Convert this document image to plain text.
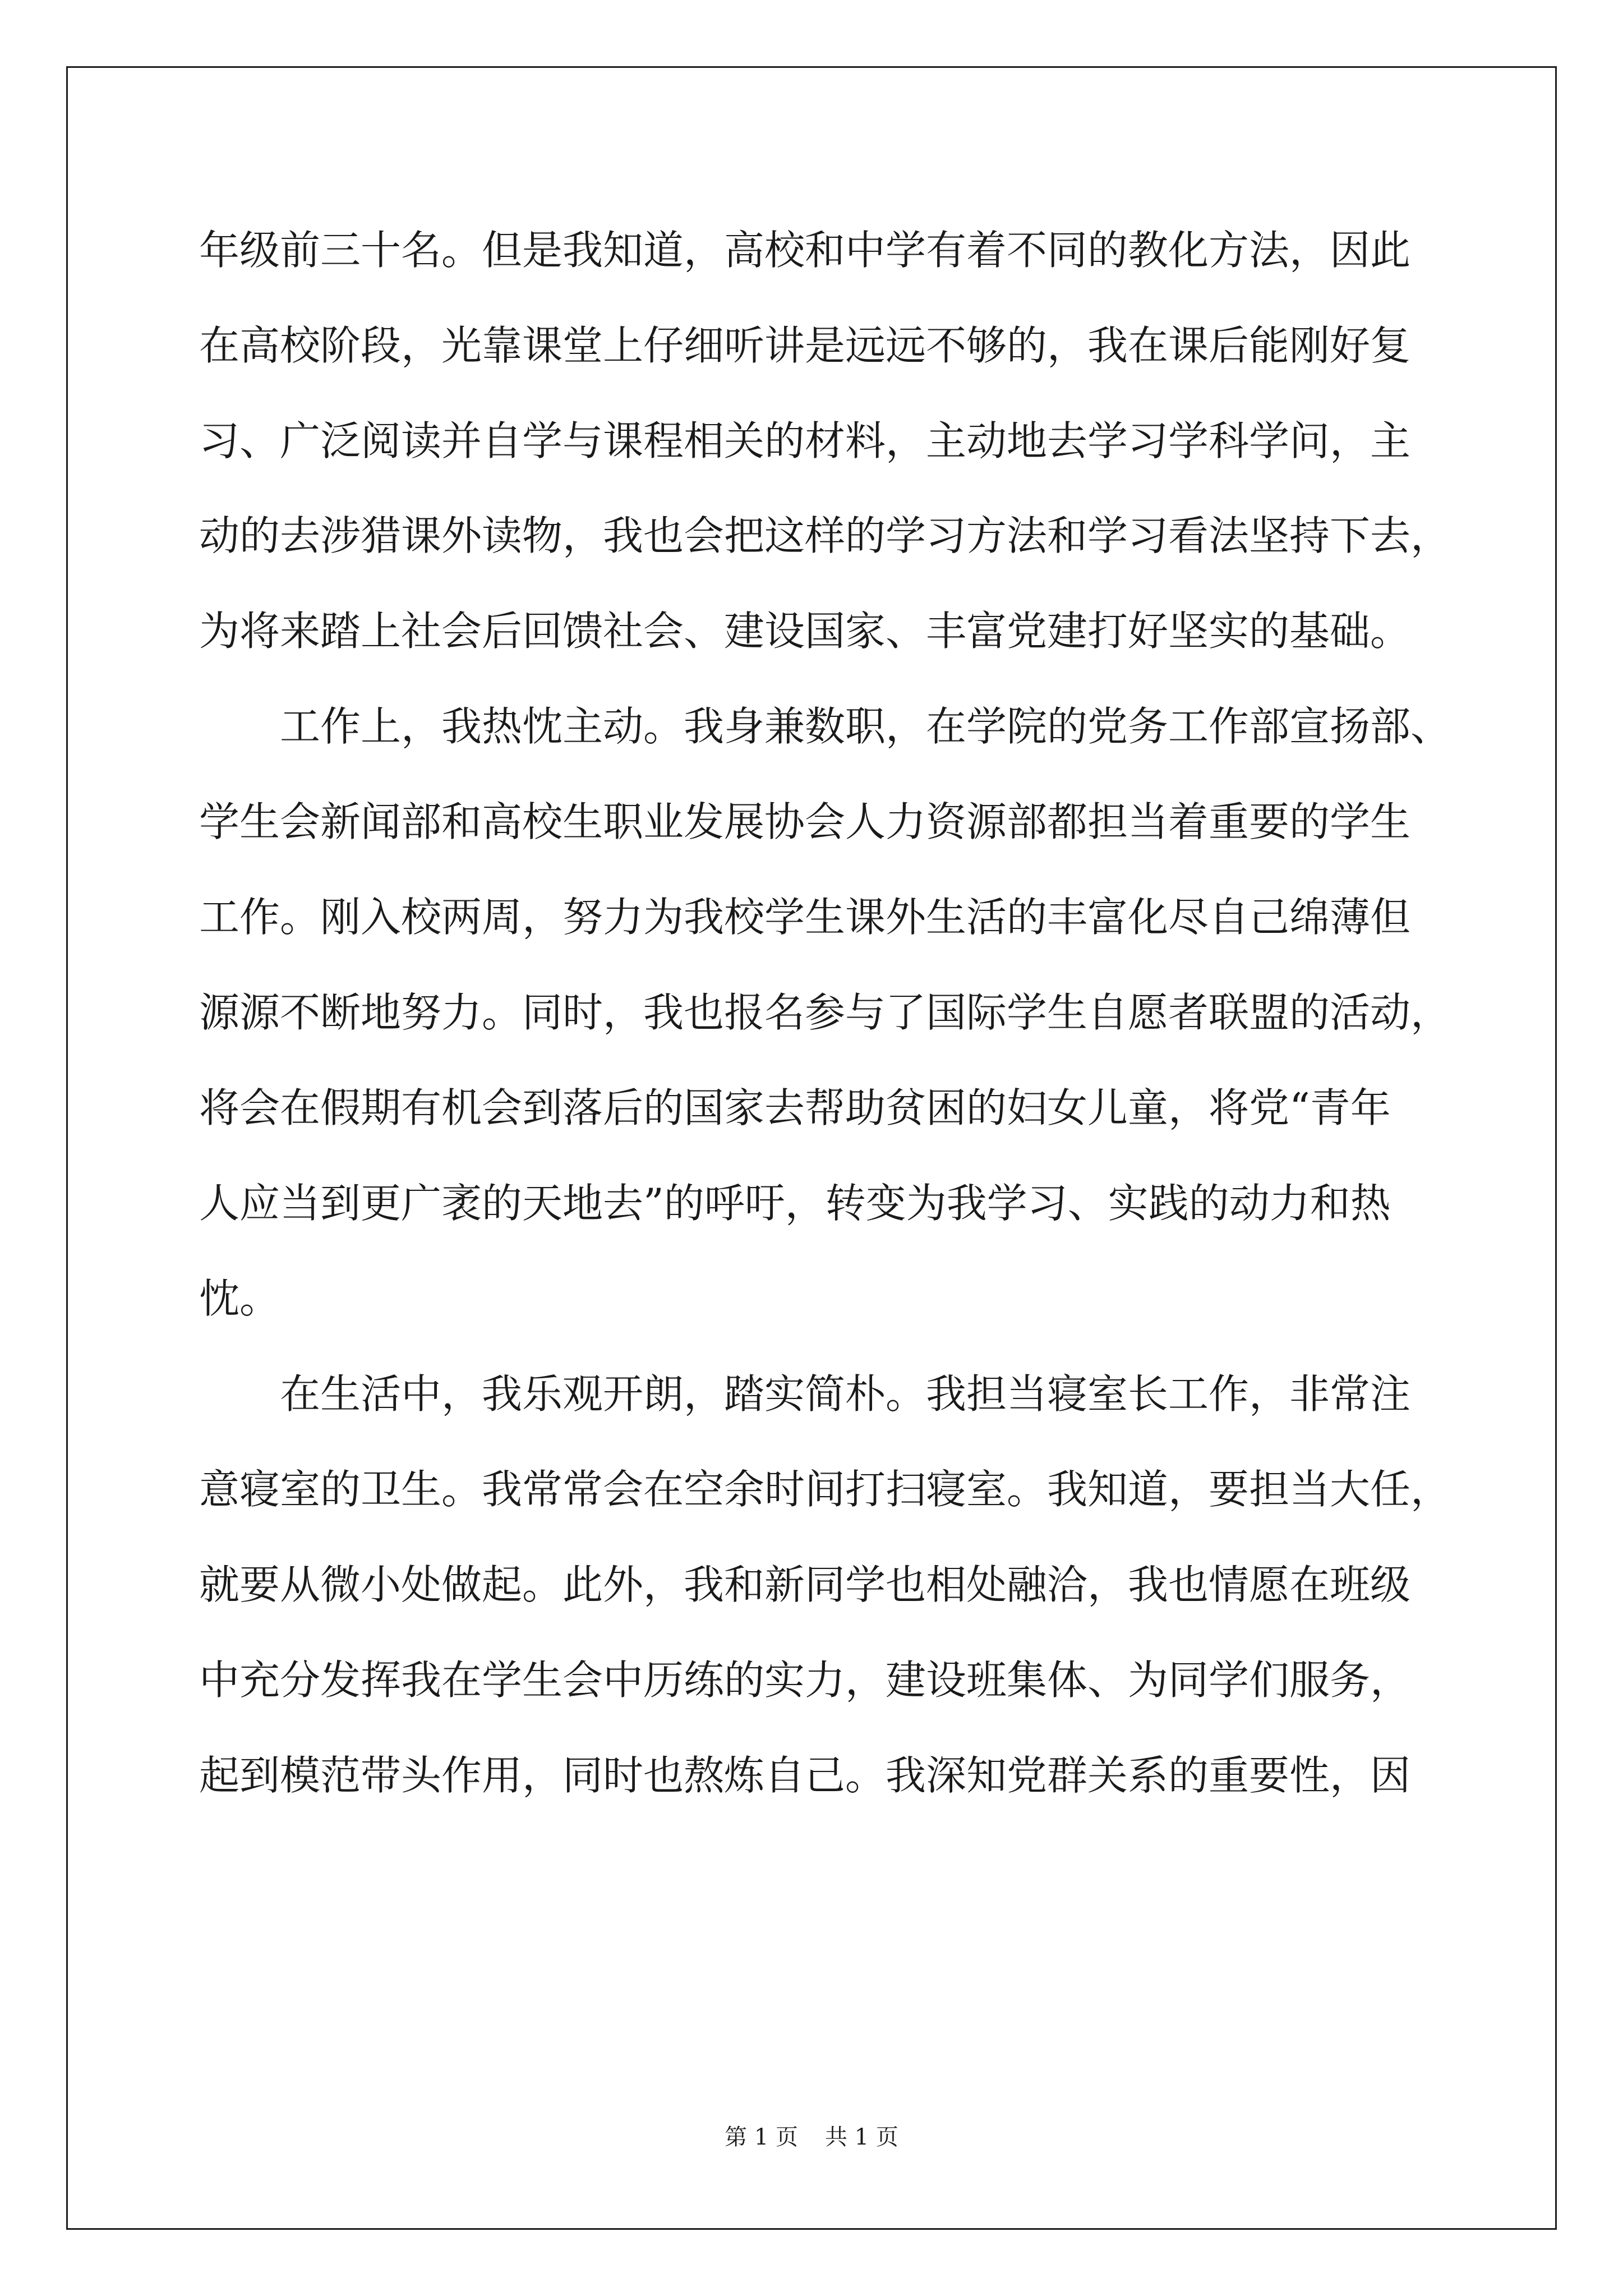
年级前三十名。但是我知道，高校和中学有着不同的教化方法，因此
在高校阶段，光靠课堂上仔细听讲是远远不够的，我在课后能刚好复
习、广泛阅读并自学与课程相关的材料，主动地去学习学科学问，主
动的去涉猎课外读物，我也会把这样的学习方法和学习看法坚持下去，
为将来踏上社会后回馈社会、建设国家、丰富党建打好坚实的基础。
工作上，我热忱主动。我身兼数职，在学院的党务工作部宣扬部、
学生会新闻部和高校生职业发展协会人力资源部都担当着重要的学生
工作。刚入校两周，努力为我校学生课外生活的丰富化尽自己绵薄但
源源不断地努力。同时，我也报名参与了国际学生自愿者联盟的活动，
将会在假期有机会到落后的国家去帮助贫困的妇女儿童，将党“青年
人应当到更广袤的天地去”的呼吁，转变为我学习、实践的动力和热
忱。
在生活中，我乐观开朗，踏实简朴。我担当寝室长工作，非常注
意寝室的卫生。我常常会在空余时间打扫寝室。我知道，要担当大任，
就要从微小处做起。此外，我和新同学也相处融洽，我也情愿在班级
中充分发挥我在学生会中历练的实力，建设班集体、为同学们服务，
起到模范带头作用，同时也熬炼自己。我深知党群关系的重要性，因
第 1 页 共 1 页
